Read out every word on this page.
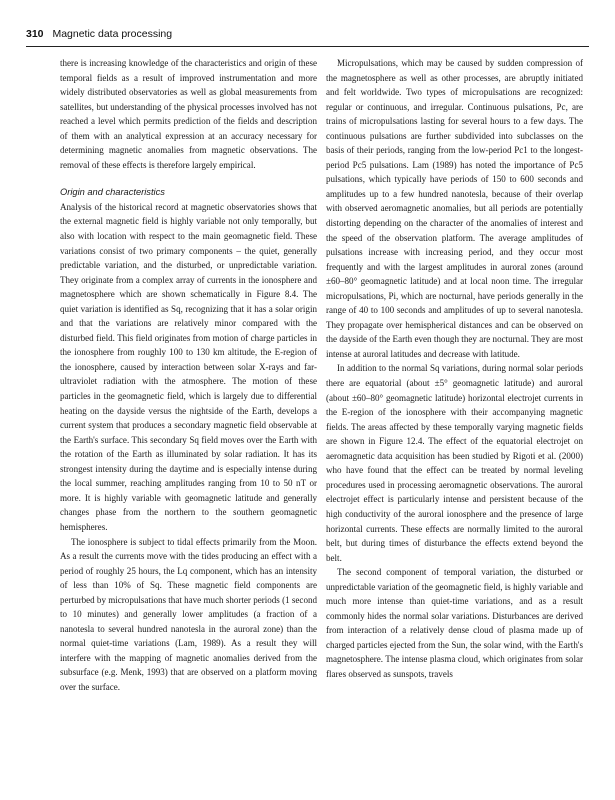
310 Magnetic data processing

there is increasing knowledge of the characteristics and origin of these temporal fields as a result of improved instrumentation and more widely distributed observatories as well as global measurements from satellites, but understanding of the physical processes involved has not reached a level which permits prediction of the fields and description of them with an analytical expression at an accuracy necessary for determining magnetic anomalies from magnetic observations. The removal of these effects is therefore largely empirical.

Origin and characteristics

Analysis of the historical record at magnetic observatories shows that the external magnetic field is highly variable not only temporally, but also with location with respect to the main geomagnetic field. These variations consist of two primary components – the quiet, generally predictable variation, and the disturbed, or unpredictable variation. They originate from a complex array of currents in the ionosphere and magnetosphere which are shown schematically in Figure 8.4. The quiet variation is identified as Sq, recognizing that it has a solar origin and that the variations are relatively minor compared with the disturbed field. This field originates from motion of charge particles in the ionosphere from roughly 100 to 130 km altitude, the E-region of the ionosphere, caused by interaction between solar X-rays and far-ultraviolet radiation with the atmosphere. The motion of these particles in the geomagnetic field, which is largely due to differential heating on the dayside versus the nightside of the Earth, develops a current system that produces a secondary magnetic field observable at the Earth's surface. This secondary Sq field moves over the Earth with the rotation of the Earth as illuminated by solar radiation. It has its strongest intensity during the daytime and is especially intense during the local summer, reaching amplitudes ranging from 10 to 50 nT or more. It is highly variable with geomagnetic latitude and generally changes phase from the northern to the southern geomagnetic hemispheres.

The ionosphere is subject to tidal effects primarily from the Moon. As a result the currents move with the tides producing an effect with a period of roughly 25 hours, the Lq component, which has an intensity of less than 10% of Sq. These magnetic field components are perturbed by micropulsations that have much shorter periods (1 second to 10 minutes) and generally lower amplitudes (a fraction of a nanotesla to several hundred nanotesla in the auroral zone) than the normal quiet-time variations (Lam, 1989). As a result they will interfere with the mapping of magnetic anomalies derived from the subsurface (e.g. Menk, 1993) that are observed on a platform moving over the surface.

Micropulsations, which may be caused by sudden compression of the magnetosphere as well as other processes, are abruptly initiated and felt worldwide. Two types of micropulsations are recognized: regular or continuous, and irregular. Continuous pulsations, Pc, are trains of micropulsations lasting for several hours to a few days. The continuous pulsations are further subdivided into subclasses on the basis of their periods, ranging from the low-period Pc1 to the longest-period Pc5 pulsations. Lam (1989) has noted the importance of Pc5 pulsations, which typically have periods of 150 to 600 seconds and amplitudes up to a few hundred nanotesla, because of their overlap with observed aeromagnetic anomalies, but all periods are potentially distorting depending on the character of the anomalies of interest and the speed of the observation platform. The average amplitudes of pulsations increase with increasing period, and they occur most frequently and with the largest amplitudes in auroral zones (around ±60–80° geomagnetic latitude) and at local noon time. The irregular micropulsations, Pi, which are nocturnal, have periods generally in the range of 40 to 100 seconds and amplitudes of up to several nanotesla. They propagate over hemispherical distances and can be observed on the dayside of the Earth even though they are nocturnal. They are most intense at auroral latitudes and decrease with latitude.

In addition to the normal Sq variations, during normal solar periods there are equatorial (about ±5° geomagnetic latitude) and auroral (about ±60–80° geomagnetic latitude) horizontal electrojet currents in the E-region of the ionosphere with their accompanying magnetic fields. The areas affected by these temporally varying magnetic fields are shown in Figure 12.4. The effect of the equatorial electrojet on aeromagnetic data acquisition has been studied by Rigoti et al. (2000) who have found that the effect can be treated by normal leveling procedures used in processing aeromagnetic observations. The auroral electrojet effect is particularly intense and persistent because of the high conductivity of the auroral ionosphere and the presence of large horizontal currents. These effects are normally limited to the auroral belt, but during times of disturbance the effects extend beyond the belt.

The second component of temporal variation, the disturbed or unpredictable variation of the geomagnetic field, is highly variable and much more intense than quiet-time variations, and as a result commonly hides the normal solar variations. Disturbances are derived from interaction of a relatively dense cloud of plasma made up of charged particles ejected from the Sun, the solar wind, with the Earth's magnetosphere. The intense plasma cloud, which originates from solar flares observed as sunspots, travels
